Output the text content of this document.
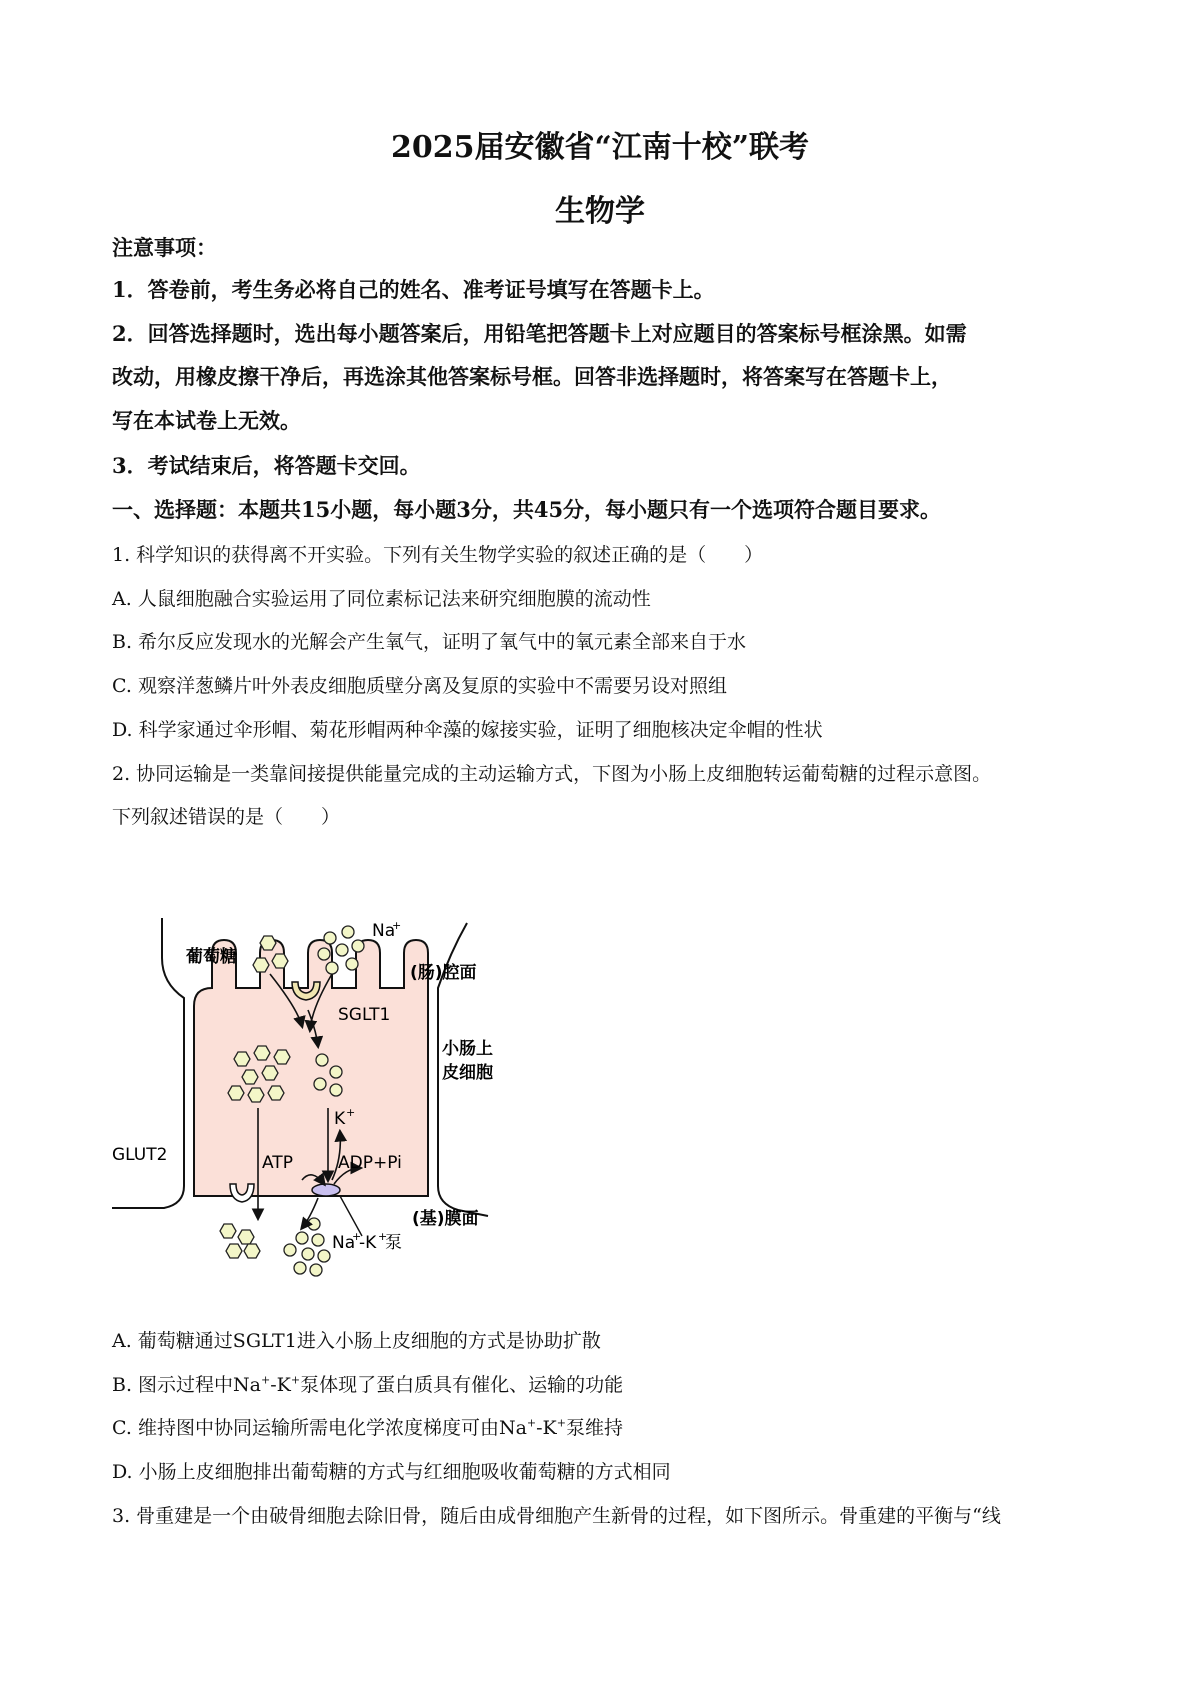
2025届安徽省“江南十校”联考
生物学
注意事项：
1．答卷前，考生务必将自己的姓名、准考证号填写在答题卡上。
2．回答选择题时，选出每小题答案后，用铅笔把答题卡上对应题目的答案标号框涂黑。如需
改动，用橡皮擦干净后，再选涂其他答案标号框。回答非选择题时，将答案写在答题卡上，
写在本试卷上无效。
3．考试结束后，将答题卡交回。
一、选择题：本题共15小题，每小题3分，共45分，每小题只有一个选项符合题目要求。
1. 科学知识的获得离不开实验。下列有关生物学实验的叙述正确的是（　　）
A. 人鼠细胞融合实验运用了同位素标记法来研究细胞膜的流动性
B. 希尔反应发现水的光解会产生氧气，证明了氧气中的氧元素全部来自于水
C. 观察洋葱鳞片叶外表皮细胞质壁分离及复原的实验中不需要另设对照组
D. 科学家通过伞形帽、菊花形帽两种伞藻的嫁接实验，证明了细胞核决定伞帽的性状
2. 协同运输是一类靠间接提供能量完成的主动运输方式，下图为小肠上皮细胞转运葡萄糖的过程示意图。
下列叙述错误的是（　　）
葡萄糖
Na
+
(肠)腔面
SGLT1
小肠上
皮细胞
K +
ATP	ADP+Pi
GLUT2
(基)膜面
Na
+
-K +
泵
A. 葡萄糖通过SGLT1进入小肠上皮细胞的方式是协助扩散
B. 图示过程中Na+-K+泵体现了蛋白质具有催化、运输的功能
C. 维持图中协同运输所需电化学浓度梯度可由Na+-K+泵维持
D. 小肠上皮细胞排出葡萄糖的方式与红细胞吸收葡萄糖的方式相同
3. 骨重建是一个由破骨细胞去除旧骨，随后由成骨细胞产生新骨的过程，如下图所示。骨重建的平衡与“线
